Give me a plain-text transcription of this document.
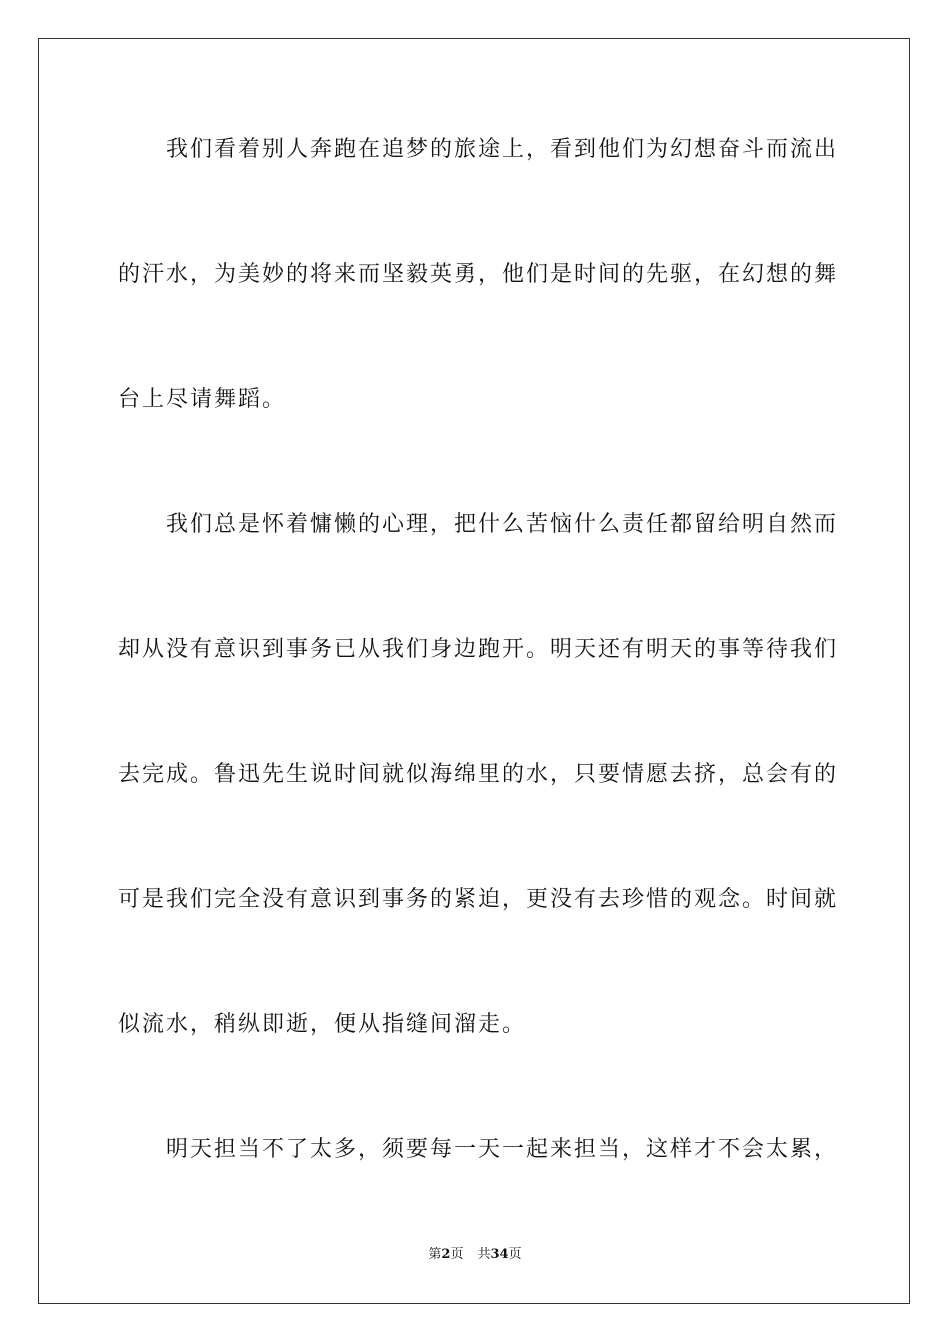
我们看着别人奔跑在追梦的旅途上，看到他们为幻想奋斗而流出
的汗水，为美妙的将来而坚毅英勇，他们是时间的先驱，在幻想的舞
台上尽请舞蹈。
我们总是怀着慵懒的心理，把什么苦恼什么责任都留给明自然而
却从没有意识到事务已从我们身边跑开。明天还有明天的事等待我们
去完成。鲁迅先生说时间就似海绵里的水，只要情愿去挤，总会有的
可是我们完全没有意识到事务的紧迫，更没有去珍惜的观念。时间就
似流水，稍纵即逝，便从指缝间溜走。
明天担当不了太多，须要每一天一起来担当，这样才不会太累，
第2页 共34页
